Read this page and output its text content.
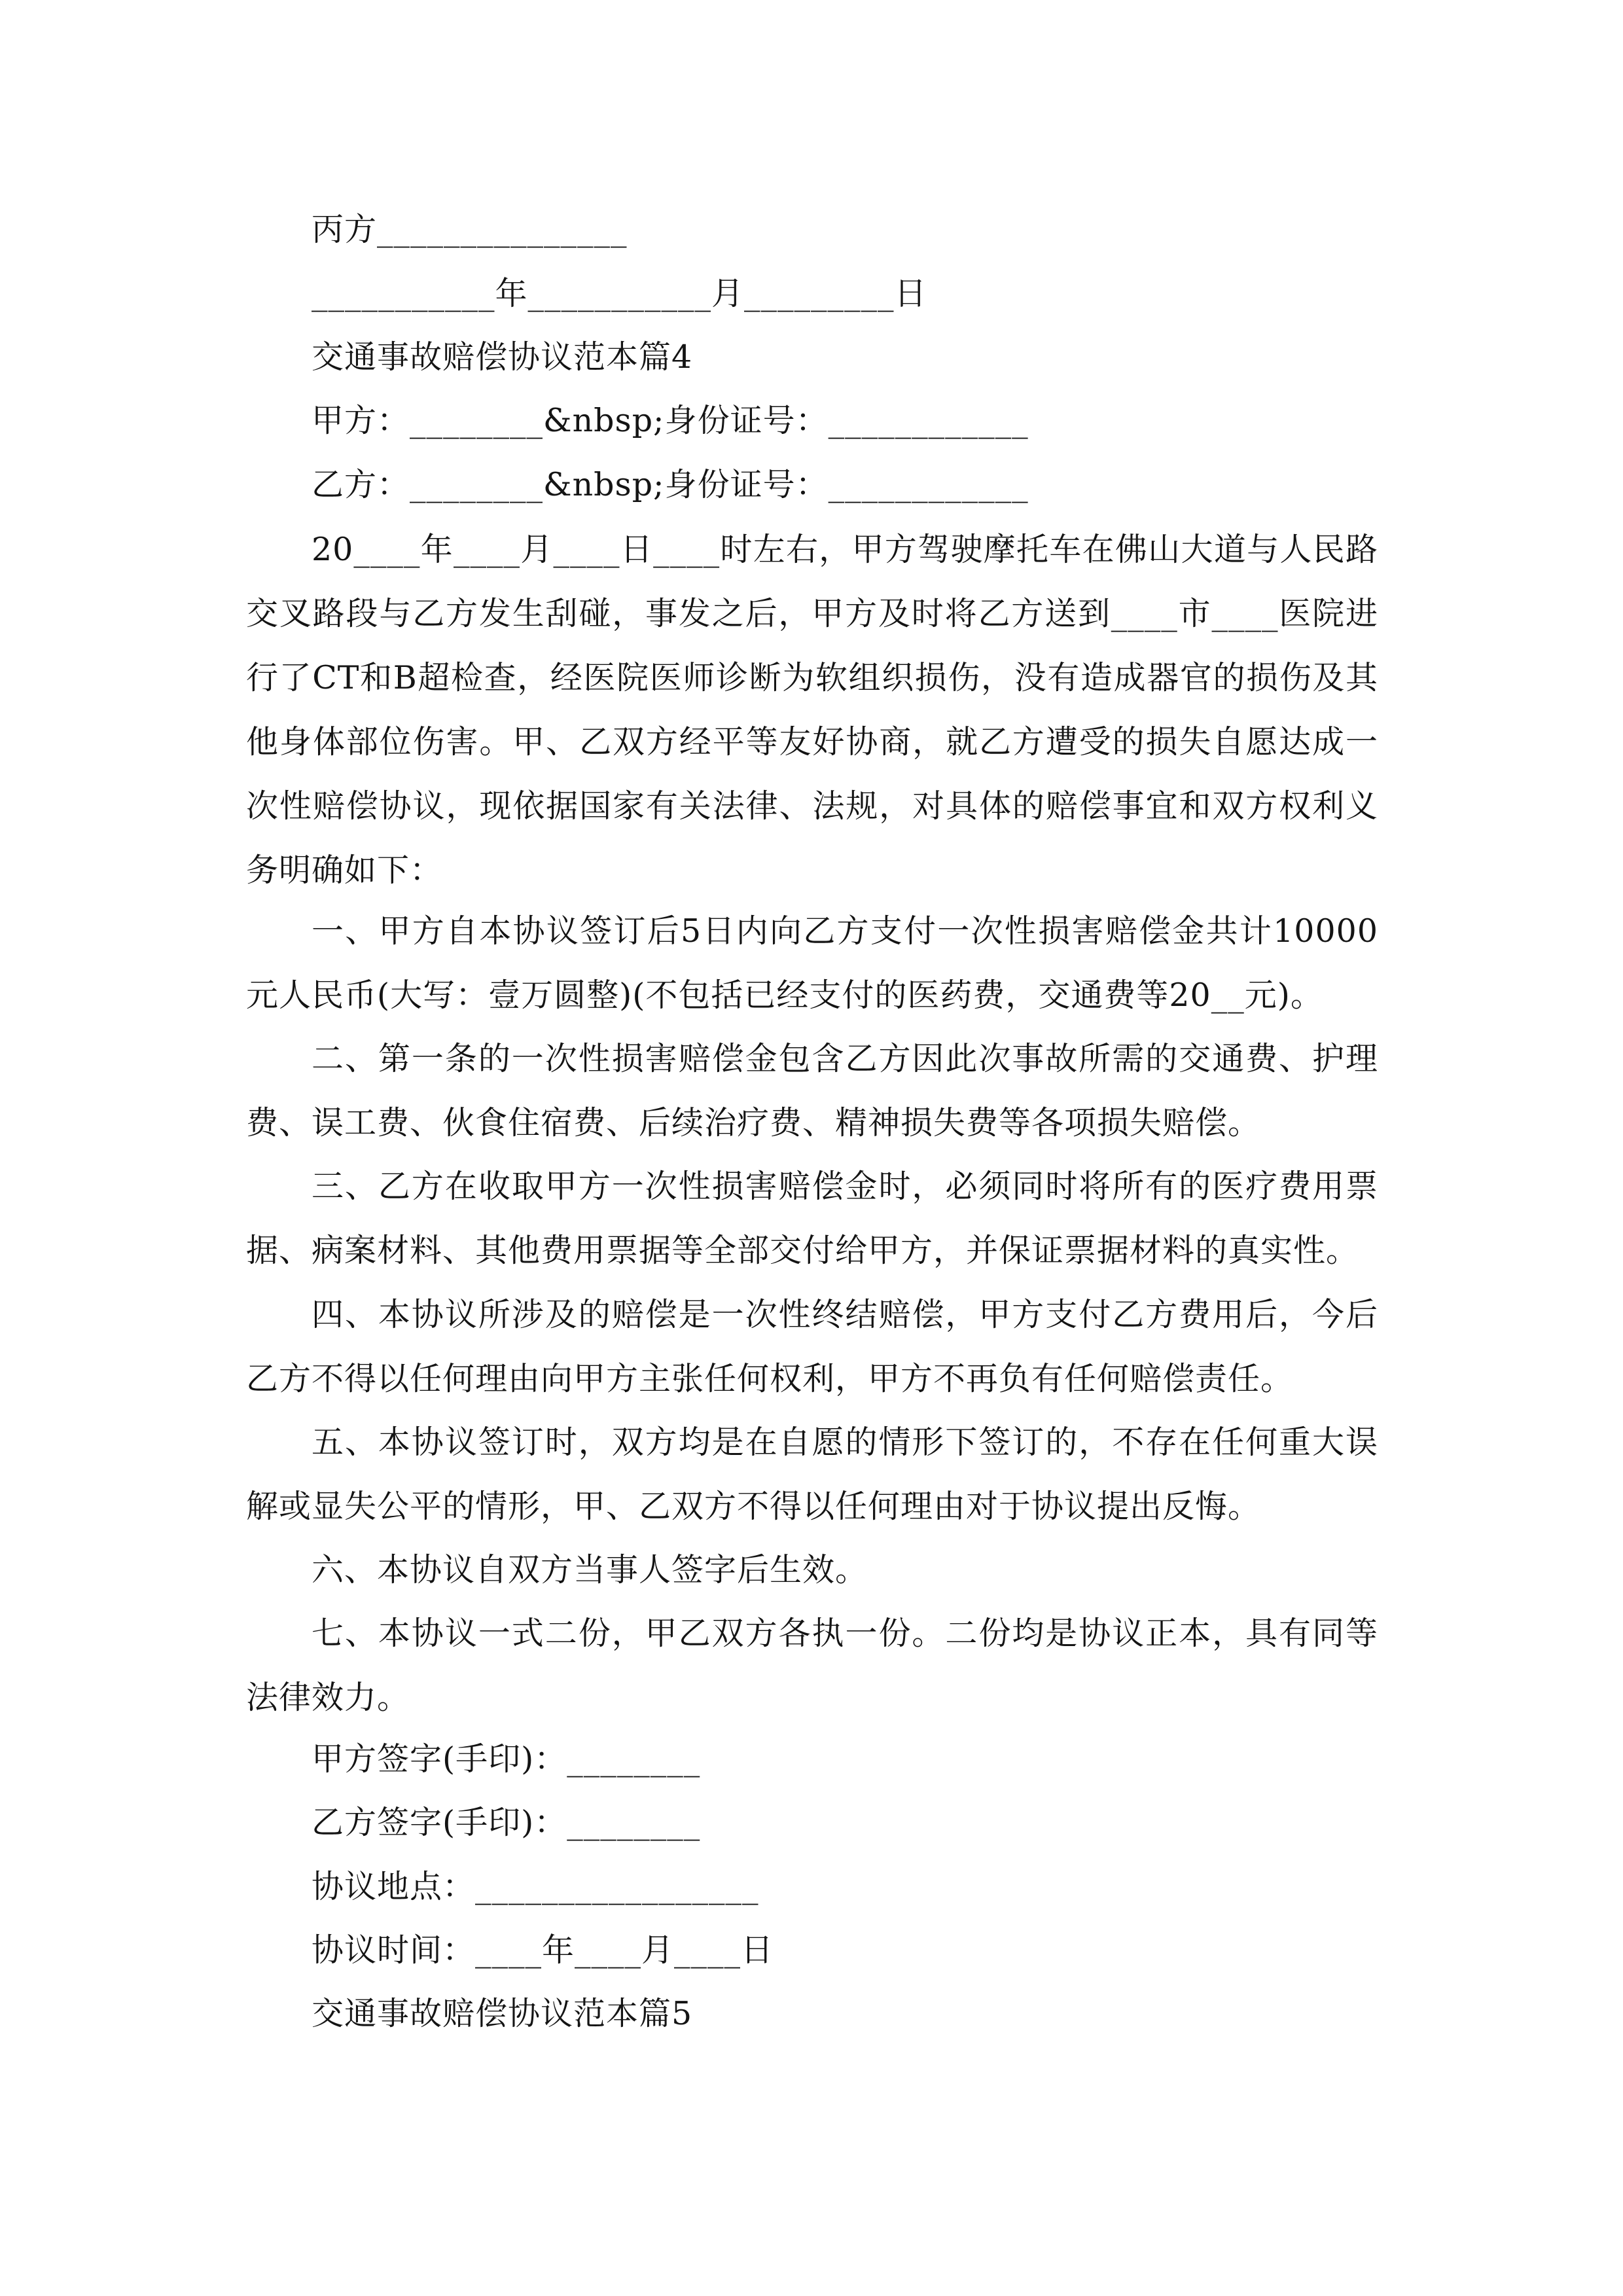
丙方_______________
___________年___________月_________日
交通事故赔偿协议范本篇4
甲方：________&nbsp;身份证号：____________
乙方：________&nbsp;身份证号：____________
20____年____月____日____时左右，甲方驾驶摩托车在佛山大道与人民路交叉路段与乙方发生刮碰，事发之后，甲方及时将乙方送到____市____医院进行了CT和B超检查，经医院医师诊断为软组织损伤，没有造成器官的损伤及其他身体部位伤害。甲、乙双方经平等友好协商，就乙方遭受的损失自愿达成一次性赔偿协议，现依据国家有关法律、法规，对具体的赔偿事宜和双方权利义务明确如下：
一、甲方自本协议签订后5日内向乙方支付一次性损害赔偿金共计10000元人民币(大写：壹万圆整)(不包括已经支付的医药费，交通费等20__元)。
二、第一条的一次性损害赔偿金包含乙方因此次事故所需的交通费、护理费、误工费、伙食住宿费、后续治疗费、精神损失费等各项损失赔偿。
三、乙方在收取甲方一次性损害赔偿金时，必须同时将所有的医疗费用票据、病案材料、其他费用票据等全部交付给甲方，并保证票据材料的真实性。
四、本协议所涉及的赔偿是一次性终结赔偿，甲方支付乙方费用后，今后乙方不得以任何理由向甲方主张任何权利，甲方不再负有任何赔偿责任。
五、本协议签订时，双方均是在自愿的情形下签订的，不存在任何重大误解或显失公平的情形，甲、乙双方不得以任何理由对于协议提出反悔。
六、本协议自双方当事人签字后生效。
七、本协议一式二份，甲乙双方各执一份。二份均是协议正本，具有同等法律效力。
甲方签字(手印)：________
乙方签字(手印)：________
协议地点：_________________
协议时间：____年____月____日
交通事故赔偿协议范本篇5
